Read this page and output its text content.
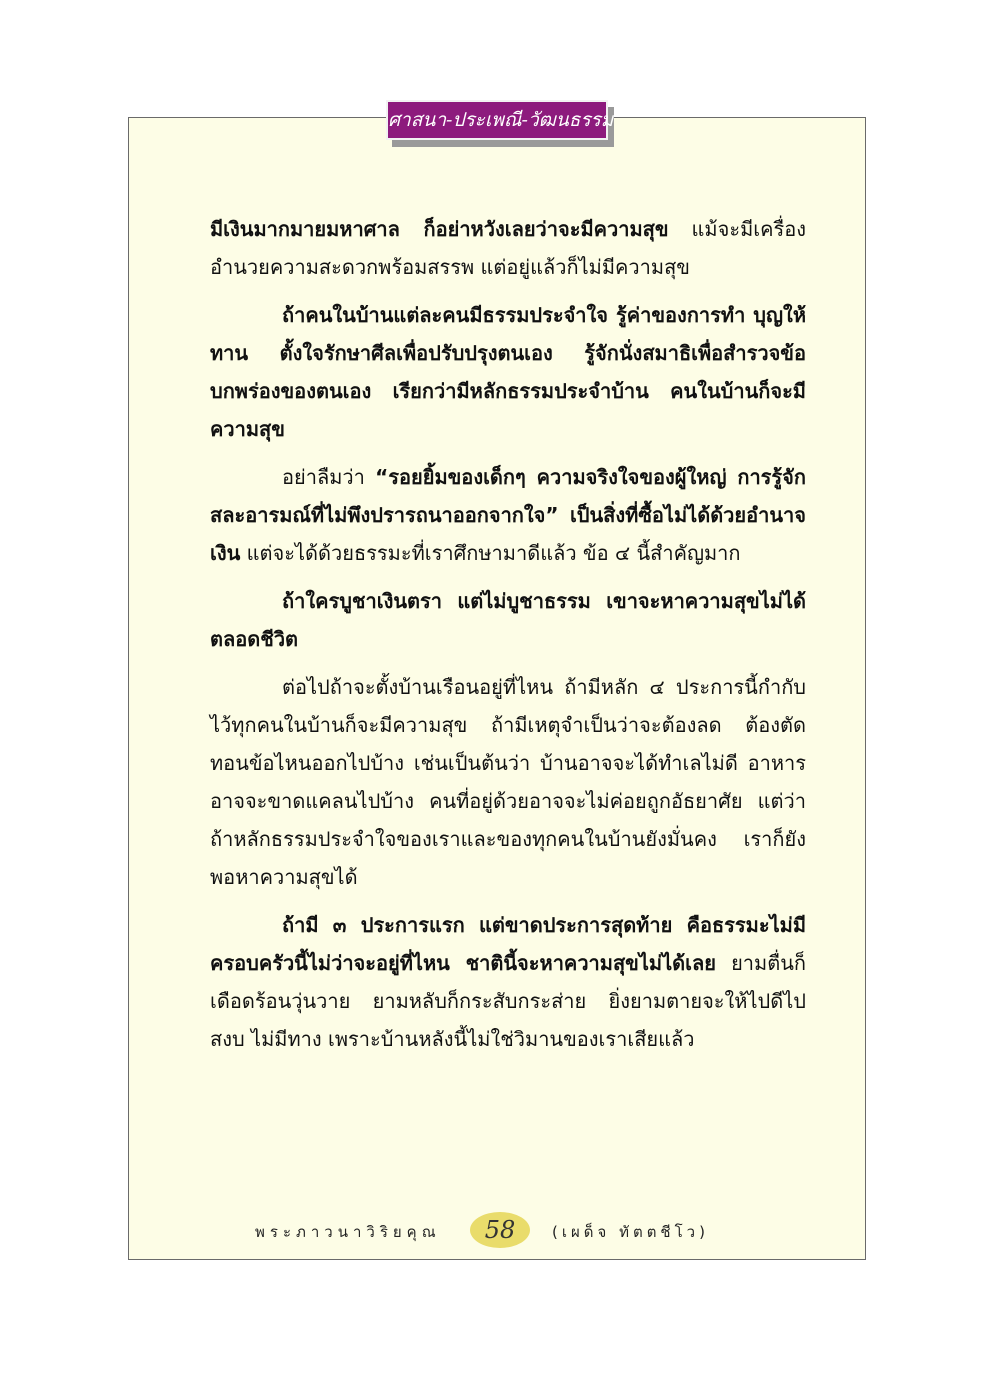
ศาสนา-ประเพณี-วัฒนธรรม

มีเงินมากมายมหาศาล ก็อย่าหวังเลยว่าจะมีความสุข แม้จะมีเครื่องอำนวยความสะดวกพร้อมสรรพ แต่อยู่แล้วก็ไม่มีความสุข

ถ้าคนในบ้านแต่ละคนมีธรรมประจำใจ รู้ค่าของการทำ บุญให้ทาน ตั้งใจรักษาศีลเพื่อปรับปรุงตนเอง รู้จักนั่งสมาธิเพื่อสำรวจข้อบกพร่องของตนเอง เรียกว่ามีหลักธรรมประจำบ้าน คนในบ้านก็จะมีความสุข

อย่าลืมว่า “รอยยิ้มของเด็กๆ ความจริงใจของผู้ใหญ่ การรู้จักสละอารมณ์ที่ไม่พึงปรารถนาออกจากใจ” เป็นสิ่งที่ซื้อไม่ได้ด้วยอำนาจเงิน แต่จะได้ด้วยธรรมะที่เราศึกษามาดีแล้ว ข้อ ๔ นี้สำคัญมาก

ถ้าใครบูชาเงินตรา แต่ไม่บูชาธรรม เขาจะหาความสุขไม่ได้ตลอดชีวิต

ต่อไปถ้าจะตั้งบ้านเรือนอยู่ที่ไหน ถ้ามีหลัก ๔ ประการนี้กำกับไว้ทุกคนในบ้านก็จะมีความสุข ถ้ามีเหตุจำเป็นว่าจะต้องลด ต้องตัดทอนข้อไหนออกไปบ้าง เช่นเป็นต้นว่า บ้านอาจจะได้ทำเลไม่ดี อาหารอาจจะขาดแคลนไปบ้าง คนที่อยู่ด้วยอาจจะไม่ค่อยถูกอัธยาศัย แต่ว่าถ้าหลักธรรมประจำใจของเราและของทุกคนในบ้านยังมั่นคง เราก็ยังพอหาความสุขได้

ถ้ามี ๓ ประการแรก แต่ขาดประการสุดท้าย คือธรรมะไม่มี ครอบครัวนี้ไม่ว่าจะอยู่ที่ไหน ชาตินี้จะหาความสุขไม่ได้เลย ยามตื่นก็เดือดร้อนวุ่นวาย ยามหลับก็กระสับกระส่าย ยิ่งยามตายจะให้ไปดีไปสงบ ไม่มีทาง เพราะบ้านหลังนี้ไม่ใช่วิมานของเราเสียแล้ว

พระภาวนาวิริยคุณ	58	(เผด็จ ทัตตชีโว)
